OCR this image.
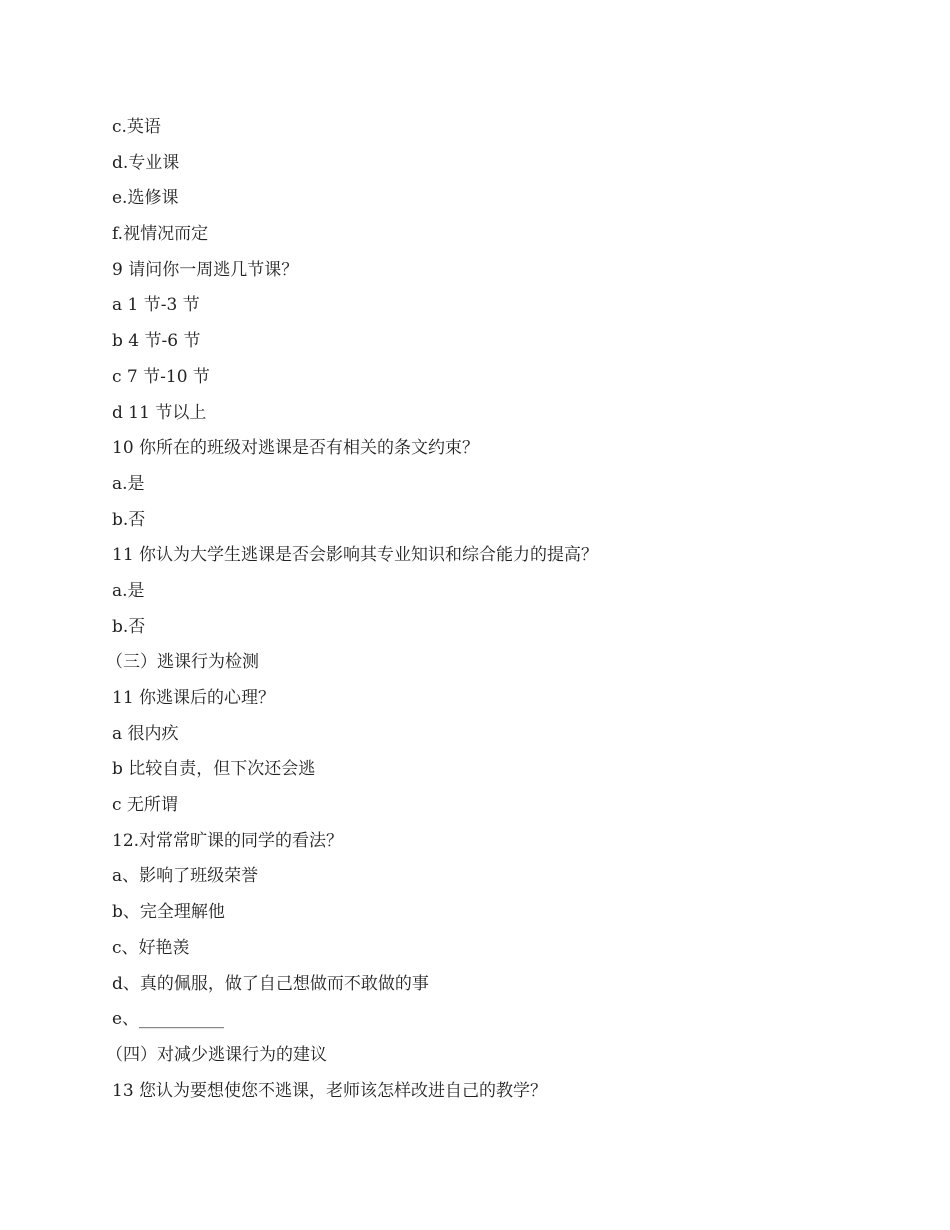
c.英语
d.专业课
e.选修课
f.视情况而定
9 请问你一周逃几节课？
a 1 节-3 节
b 4 节-6 节
c 7 节-10 节
d 11 节以上
10 你所在的班级对逃课是否有相关的条文约束？
a.是
b.否
11 你认为大学生逃课是否会影响其专业知识和综合能力的提高？
a.是
b.否
（三）逃课行为检测
11 你逃课后的心理？
a 很内疚
b 比较自责，但下次还会逃
c 无所谓
12.对常常旷课的同学的看法？
a、影响了班级荣誉
b、完全理解他
c、好艳羡
d、真的佩服，做了自己想做而不敢做的事
e、__________
（四）对减少逃课行为的建议
13 您认为要想使您不逃课，老师该怎样改进自己的教学？
